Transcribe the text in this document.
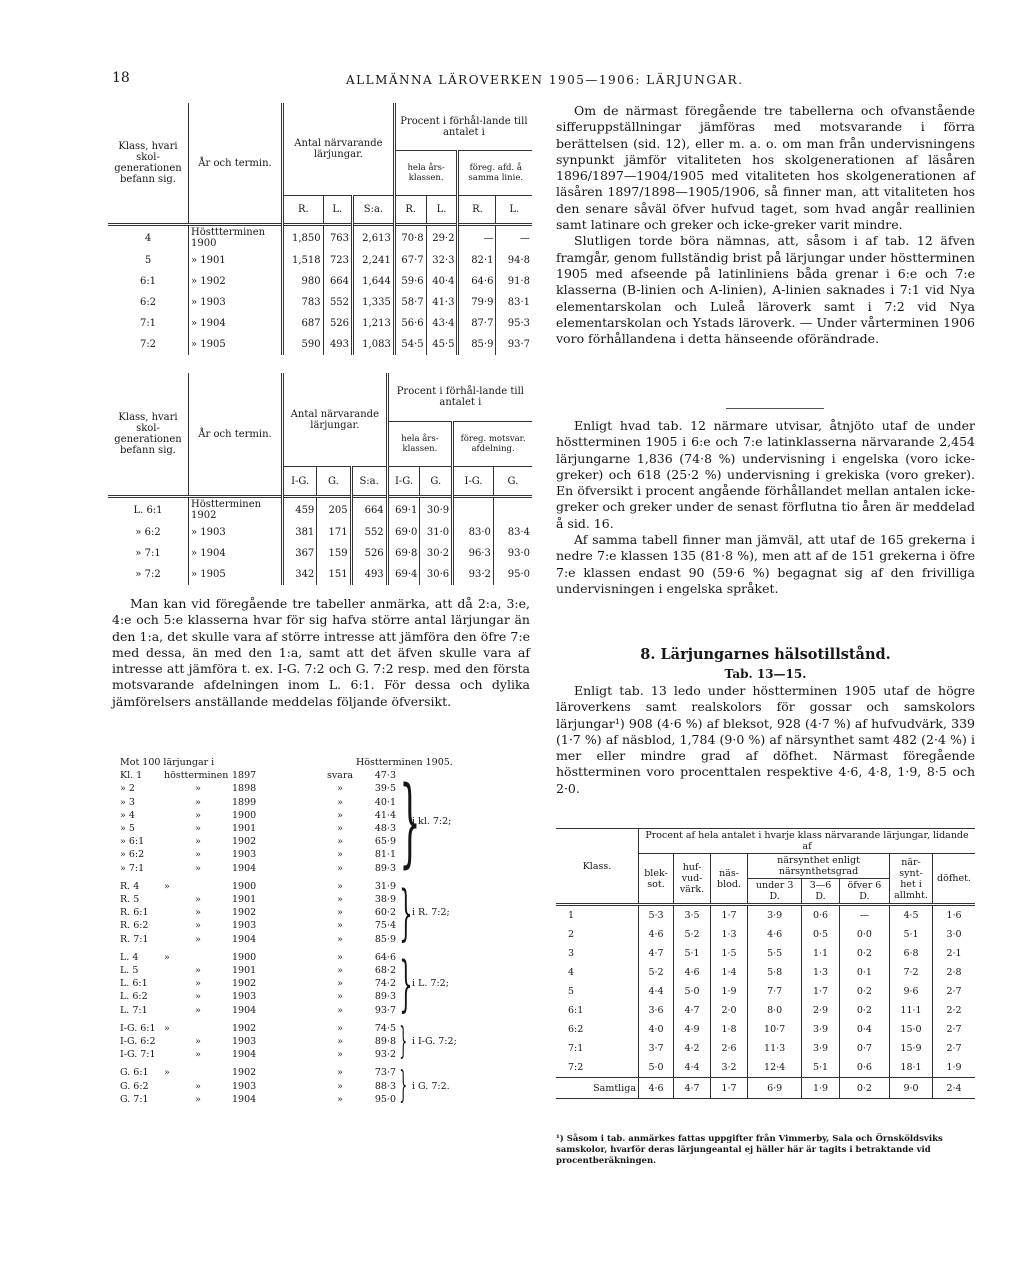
18	ALLMÄNNA LÄROVERKEN 1905—1906: LÄRJUNGAR.
Klass, hvari skol-generationen befann sig.	År och termin.	Antal närvarande lärjungar.			Procent i förhål-lande till antalet i			
					hela års-klassen.		föreg. afd. å samma linie.	
		R.	L.	S:a.	R.	L.	R.	L.
4	Hösttterminen 1900	1,850	763	2,613	70·8	29·2	—	—
5	» 1901	1,518	723	2,241	67·7	32·3	82·1	94·8
6:1	» 1902	980	664	1,644	59·6	40·4	64·6	91·8
6:2	» 1903	783	552	1,335	58·7	41·3	79·9	83·1
7:1	» 1904	687	526	1,213	56·6	43·4	87·7	95·3
7:2	» 1905	590	493	1,083	54·5	45·5	85·9	93·7
Klass, hvari skol-generationen befann sig.	År och termin.	Antal närvarande lärjungar.			Procent i förhål-lande till antalet i			
					hela års-klassen.		föreg. motsvar. afdelning.	
		I-G.	G.	S:a.	I-G.	G.	I-G.	G.
L. 6:1	Höstterminen 1902	459	205	664	69·1	30·9		
» 6:2	» 1903	381	171	552	69·0	31·0	83·0	83·4
» 7:1	» 1904	367	159	526	69·8	30·2	96·3	93·0
» 7:2	» 1905	342	151	493	69·4	30·6	93·2	95·0

Man kan vid föregående tre tabeller anmärka, att då 2:a, 3:e, 4:e och 5:e klasserna hvar för sig hafva större antal lärjungar än den 1:a, det skulle vara af större intresse att jämföra den öfre 7:e med dessa, än med den 1:a, samt att det äfven skulle vara af intresse att jämföra t. ex. I-G. 7:2 och G. 7:2 resp. med den första motsvarande afdelningen inom L. 6:1. För dessa och dylika jämförelsers anställande meddelas följande öfversikt.

Mot 100 lärjungar i	Höstterminen 1905.
Kl. 1	höstterminen 1897	svara	47·3
» 2	»	1898	»	39·5
» 3	»	1899	»	40·1
» 4	»	1900	»	41·4
» 5	»	1901	»	48·3
» 6:1	»	1902	»	65·9
» 6:2	»	1903	»	81·1
» 7:1	»	1904	»	89·3 }
i kl. 7:2;
R. 4	»	1900	»	31·9
R. 5	»	1901	»	38·9
R. 6:1	»	1902	»	60·2
R. 6:2	»	1903	»	75·4
R. 7:1	»	1904	»	85·9 } i R. 7:2;
L. 4	»	1900	»	64·6
L. 5	»	1901	»	68·2
L. 6:1	»	1902	»	74·2
L. 6:2	»	1903	»	89·3
L. 7:1	»	1904	»	93·7 } i L. 7:2;
I-G. 6:1 »	1902	»	74·5
I-G. 6:2	»	1903	»	89·8
I-G. 7:1	»	1904	»	93·2 } i I-G. 7:2;
G. 6:1	»	1902	»	73·7
G. 6:2	»	1903	»	88·3
G. 7:1	»	1904	»	95·0 } i G. 7:2.

Om de närmast föregående tre tabellerna och ofvanstående sifferuppställningar jämföras med motsvarande i förra berättelsen (sid. 12), eller m. a. o. om man från undervisningens synpunkt jämför vitaliteten hos skolgenerationen af läsåren 1896/1897—1904/1905 med vitaliteten hos skolgenerationen af läsåren 1897/1898—1905/1906, så finner man, att vitaliteten hos den senare såväl öfver hufvud taget, som hvad angår reallinien samt latinare och greker och icke-greker varit mindre.

Slutligen torde böra nämnas, att, såsom i af tab. 12 äfven framgår, genom fullständig brist på lärjungar under höstterminen 1905 med afseende på latinliniens båda grenar i 6:e och 7:e klasserna (B-linien och A-linien), A-linien saknades i 7:1 vid Nya elementarskolan och Luleå läroverk samt i 7:2 vid Nya elementarskolan och Ystads läroverk. — Under vårterminen 1906 voro förhållandena i detta hänseende oförändrade.

Enligt hvad tab. 12 närmare utvisar, åtnjöto utaf de under höstterminen 1905 i 6:e och 7:e latinklasserna närvarande 2,454 lärjungarne 1,836 (74·8 %) undervisning i engelska (voro icke-greker) och 618 (25·2 %) undervisning i grekiska (voro greker). En öfversikt i procent angående förhållandet mellan antalen icke-greker och greker under de senast förflutna tio åren är meddelad å sid. 16.

Af samma tabell finner man jämväl, att utaf de 165 grekerna i nedre 7:e klassen 135 (81·8 %), men att af de 151 grekerna i öfre 7:e klassen endast 90 (59·6 %) begagnat sig af den frivilliga undervisningen i engelska språket.

8. Lärjungarnes hälsotillstånd.
Tab. 13—15.

Enligt tab. 13 ledo under höstterminen 1905 utaf de högre läroverkens samt realskolors för gossar och samskolors lärjungar¹) 908 (4·6 %) af bleksot, 928 (4·7 %) af hufvudvärk, 339 (1·7 %) af näsblod, 1,784 (9·0 %) af närsynthet samt 482 (2·4 %) i mer eller mindre grad af döfhet. Närmast föregående höstterminen voro procenttalen respektive 4·6, 4·8, 1·9, 8·5 och 2·0.

Klass.	Procent af hela antalet i hvarje klass närvarande lärjungar, lidande af							
	blek-sot.	huf-vud-värk.	näs-blod.	närsynthet enligt närsynthetsgrad			när-synt-het i allmht.	döfhet.
				under 3 D.	3—6 D.	öfver 6 D.		
1	5·3	3·5	1·7	3·9	0·6	—	4·5	1·6
2	4·6	5·2	1·3	4·6	0·5	0·0	5·1	3·0
3	4·7	5·1	1·5	5·5	1·1	0·2	6·8	2·1
4	5·2	4·6	1·4	5·8	1·3	0·1	7·2	2·8
5	4·4	5·0	1·9	7·7	1·7	0·2	9·6	2·7
6:1	3·6	4·7	2·0	8·0	2·9	0·2	11·1	2·2
6:2	4·0	4·9	1·8	10·7	3·9	0·4	15·0	2·7
7:1	3·7	4·2	2·6	11·3	3·9	0·7	15·9	2·7
7:2	5·0	4·4	3·2	12·4	5·1	0·6	18·1	1·9
Samtliga	4·6	4·7	1·7	6·9	1·9	0·2	9·0	2·4
¹) Såsom i tab. anmärkes fattas uppgifter från Vimmerby, Sala och Örnsköldsviks samskolor, hvarför deras lärjungeantal ej häller här är tagits i betraktande vid procentberäkningen.
